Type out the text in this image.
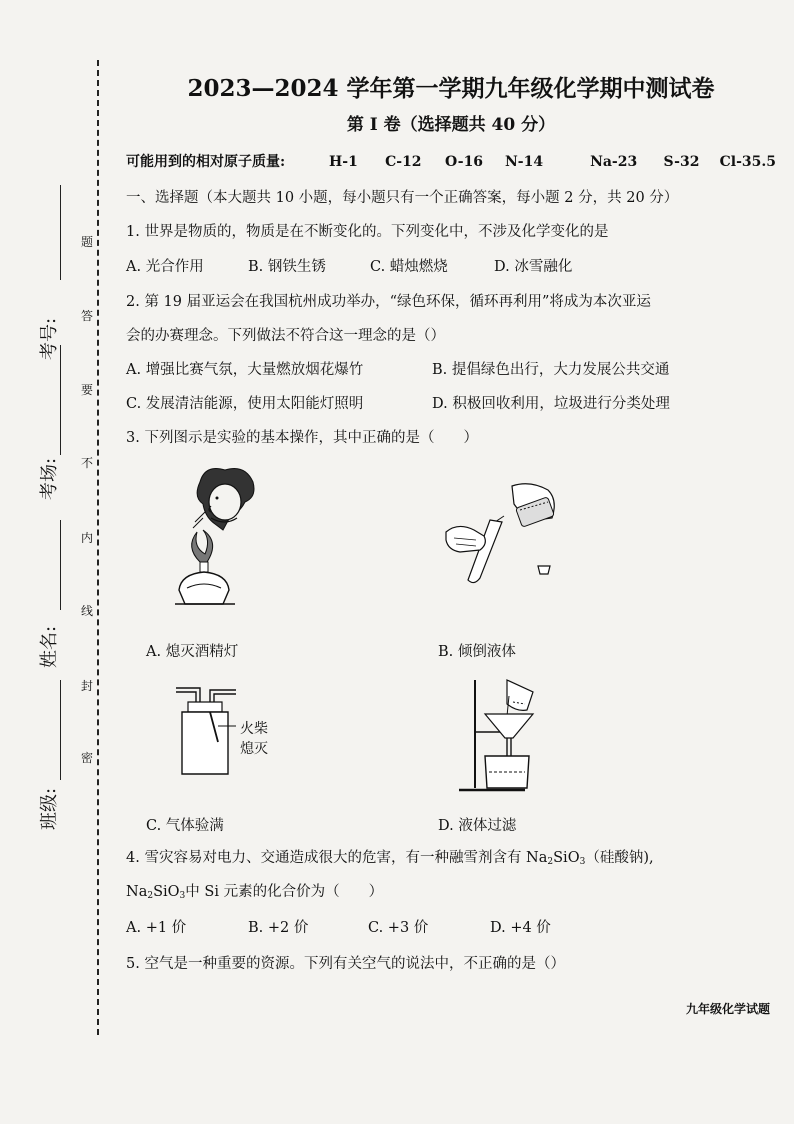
题
答
要
不
内
线
封
密
考号:
考场:
姓名:
班级:
2023—2024 学年第一学期九年级化学期中测试卷
第 I 卷（选择题共 40 分）
可能用到的相对原子质量:	H-1	C-12	O-16	N-14	Na-23	S-32	Cl-35.5
一、选择题（本大题共 10 小题，每小题只有一个正确答案，每小题 2 分，共 20 分）
1. 世界是物质的，物质是在不断变化的。下列变化中，不涉及化学变化的是
A. 光合作用	B. 钢铁生锈	C. 蜡烛燃烧	D. 冰雪融化
2. 第 19 届亚运会在我国杭州成功举办，“绿色环保，循环再利用”将成为本次亚运
会的办赛理念。下列做法不符合这一理念的是（）
A. 增强比赛气氛，大量燃放烟花爆竹	B. 提倡绿色出行，大力发展公共交通
C. 发展清洁能源，使用太阳能灯照明	D. 积极回收利用，垃圾进行分类处理
3. 下列图示是实验的基本操作，其中正确的是（　　）
火柴
熄灭
A. 熄灭酒精灯	B. 倾倒液体
C. 气体验满	D. 液体过滤
4. 雪灾容易对电力、交通造成很大的危害，有一种融雪剂含有 $Na_2SiO_3$（硅酸钠),
$Na_2SiO_3$中 Si 元素的化合价为（　　）
A. +1 价	B. +2 价	C. +3 价	D. +4 价
5. 空气是一种重要的资源。下列有关空气的说法中，不正确的是（）
九年级化学试题
